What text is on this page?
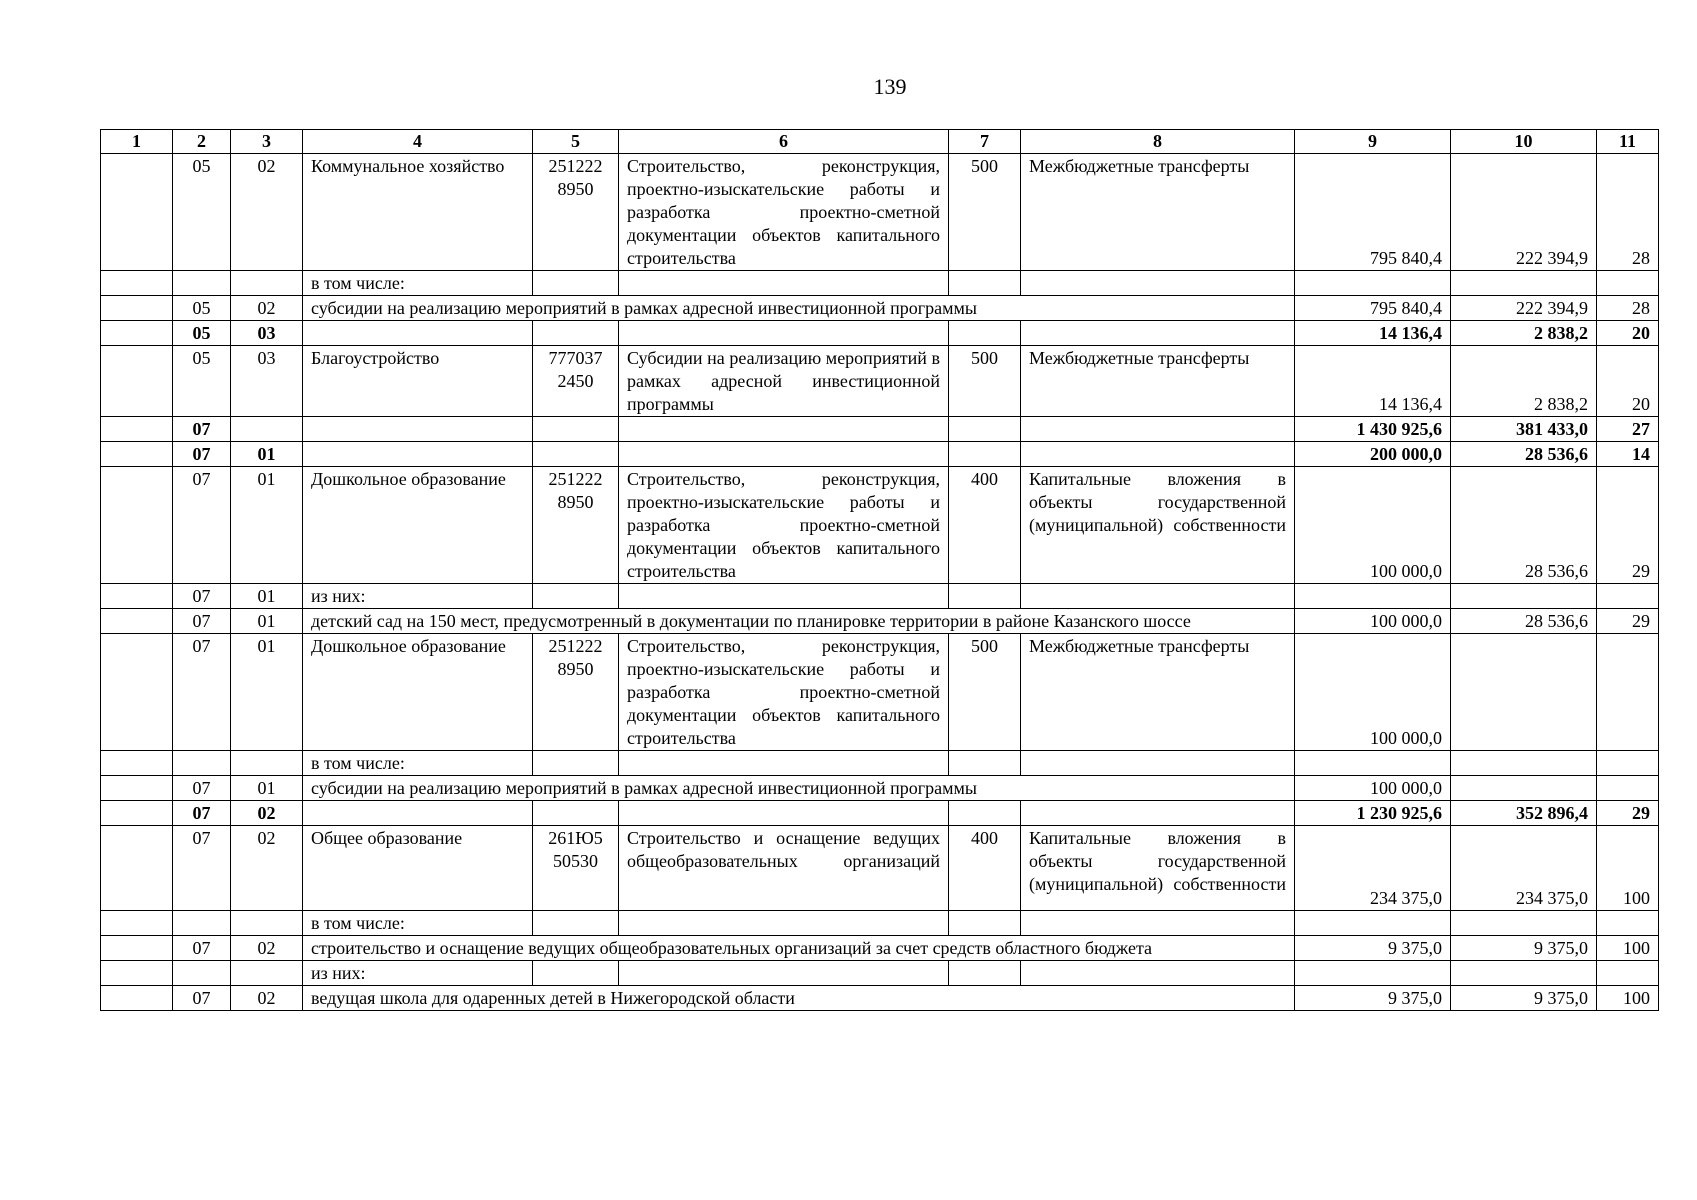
139
1	2	3	4	5	6	7	8	9	10	11
	05	02	Коммунальное хозяйство	251222 8950	Строительство, реконструкция, проектно-изыскательские работы и разработка проектно-сметной документации объектов капитального строительства	500	Межбюджетные трансферты	795 840,4	222 394,9	28
			в том числе:							
	05	02	субсидии на реализацию мероприятий в рамках адресной инвестиционной программы					795 840,4	222 394,9	28
	05	03						14 136,4	2 838,2	20
	05	03	Благоустройство	777037 2450	Субсидии на реализацию мероприятий в рамках адресной инвестиционной программы	500	Межбюджетные трансферты	14 136,4	2 838,2	20
	07							1 430 925,6	381 433,0	27
	07	01						200 000,0	28 536,6	14
	07	01	Дошкольное образование	251222 8950	Строительство, реконструкция, проектно-изыскательские работы и разработка проектно-сметной документации объектов капитального строительства	400	Капитальные вложения в объекты государственной (муниципальной) собственности	100 000,0	28 536,6	29
	07	01	из них:							
	07	01	детский сад на 150 мест, предусмотренный в документации по планировке территории в районе Казанского шоссе					100 000,0	28 536,6	29
	07	01	Дошкольное образование	251222 8950	Строительство, реконструкция, проектно-изыскательские работы и разработка проектно-сметной документации объектов капитального строительства	500	Межбюджетные трансферты	100 000,0		
			в том числе:							
	07	01	субсидии на реализацию мероприятий в рамках адресной инвестиционной программы					100 000,0		
	07	02						1 230 925,6	352 896,4	29
	07	02	Общее образование	261Ю5 50530	Строительство и оснащение ведущих общеобразовательных организаций	400	Капитальные вложения в объекты государственной (муниципальной) собственности	234 375,0	234 375,0	100
			в том числе:							
	07	02	строительство и оснащение ведущих общеобразовательных организаций за счет средств областного бюджета					9 375,0	9 375,0	100
			из них:							
	07	02	ведущая школа для одаренных детей в Нижегородской области					9 375,0	9 375,0	100
